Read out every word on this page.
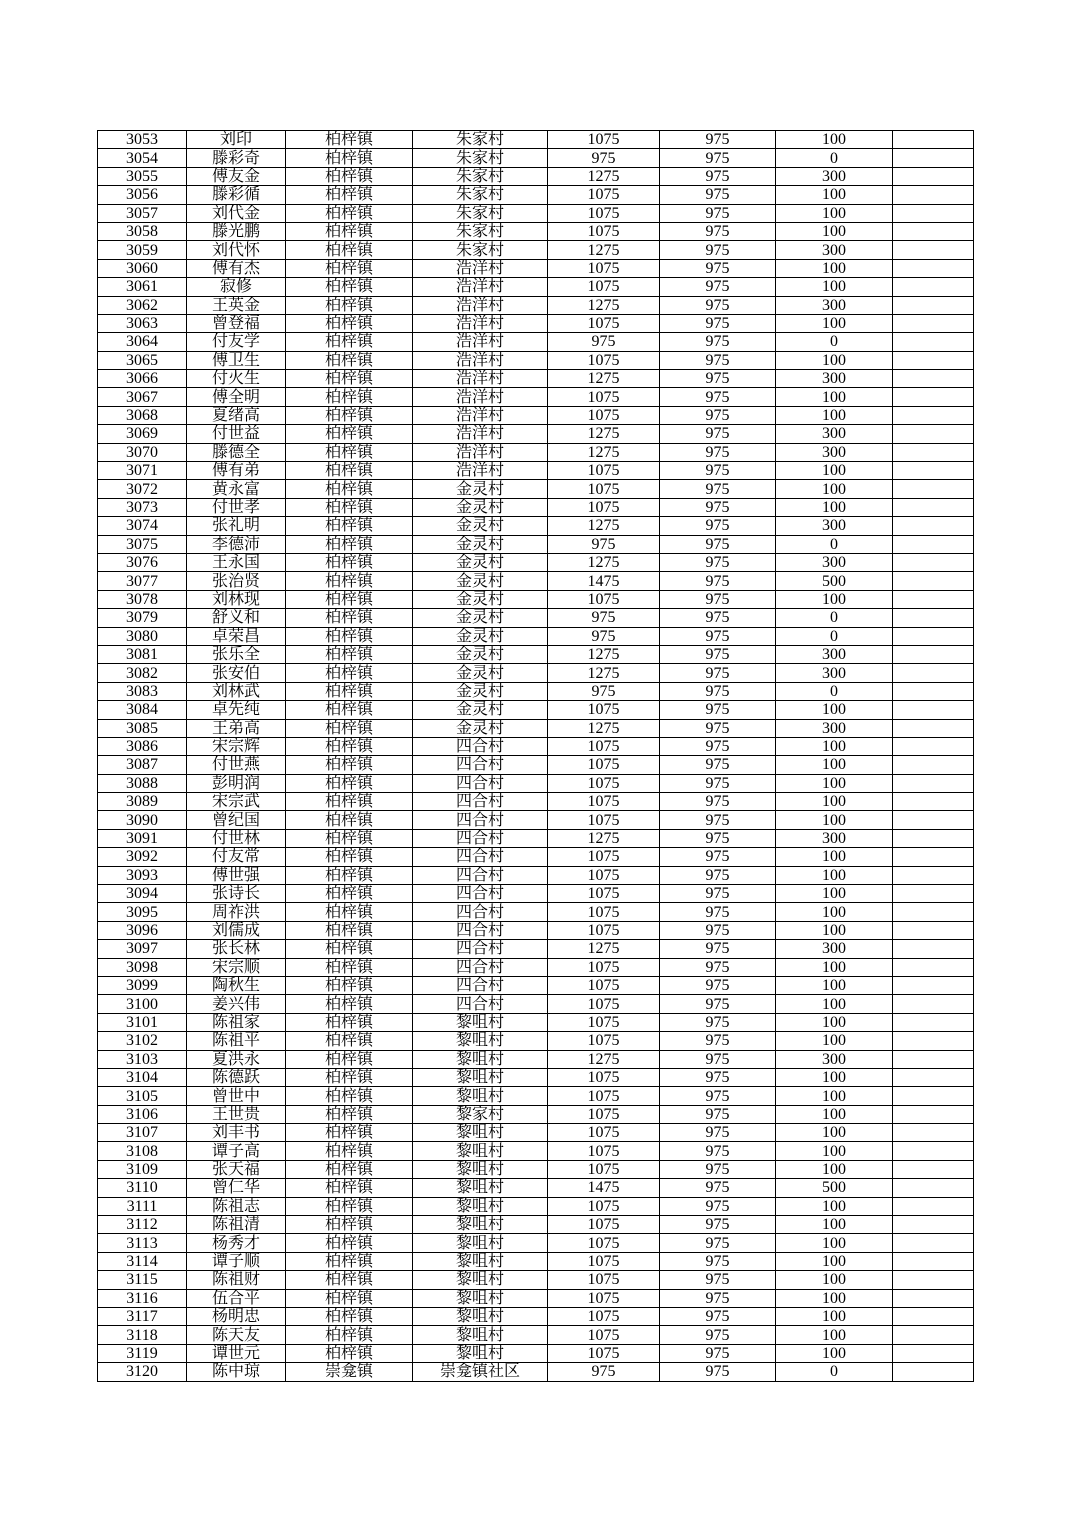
3053	刘印	柏梓镇	朱家村	1075	975	100	
3054	滕彩奇	柏梓镇	朱家村	975	975	0	
3055	傅友金	柏梓镇	朱家村	1275	975	300	
3056	滕彩循	柏梓镇	朱家村	1075	975	100	
3057	刘代金	柏梓镇	朱家村	1075	975	100	
3058	滕光鹏	柏梓镇	朱家村	1075	975	100	
3059	刘代怀	柏梓镇	朱家村	1275	975	300	
3060	傅有杰	柏梓镇	浩洋村	1075	975	100	
3061	寂修	柏梓镇	浩洋村	1075	975	100	
3062	王英金	柏梓镇	浩洋村	1275	975	300	
3063	曾登福	柏梓镇	浩洋村	1075	975	100	
3064	付友学	柏梓镇	浩洋村	975	975	0	
3065	傅卫生	柏梓镇	浩洋村	1075	975	100	
3066	付火生	柏梓镇	浩洋村	1275	975	300	
3067	傅全明	柏梓镇	浩洋村	1075	975	100	
3068	夏绪高	柏梓镇	浩洋村	1075	975	100	
3069	付世益	柏梓镇	浩洋村	1275	975	300	
3070	滕德全	柏梓镇	浩洋村	1275	975	300	
3071	傅有弟	柏梓镇	浩洋村	1075	975	100	
3072	黄永富	柏梓镇	金灵村	1075	975	100	
3073	付世孝	柏梓镇	金灵村	1075	975	100	
3074	张礼明	柏梓镇	金灵村	1275	975	300	
3075	李德沛	柏梓镇	金灵村	975	975	0	
3076	王永国	柏梓镇	金灵村	1275	975	300	
3077	张治贤	柏梓镇	金灵村	1475	975	500	
3078	刘林现	柏梓镇	金灵村	1075	975	100	
3079	舒义和	柏梓镇	金灵村	975	975	0	
3080	卓荣昌	柏梓镇	金灵村	975	975	0	
3081	张乐全	柏梓镇	金灵村	1275	975	300	
3082	张安伯	柏梓镇	金灵村	1275	975	300	
3083	刘林武	柏梓镇	金灵村	975	975	0	
3084	卓先纯	柏梓镇	金灵村	1075	975	100	
3085	王弟高	柏梓镇	金灵村	1275	975	300	
3086	宋宗辉	柏梓镇	四合村	1075	975	100	
3087	付世燕	柏梓镇	四合村	1075	975	100	
3088	彭明润	柏梓镇	四合村	1075	975	100	
3089	宋宗武	柏梓镇	四合村	1075	975	100	
3090	曾纪国	柏梓镇	四合村	1075	975	100	
3091	付世林	柏梓镇	四合村	1275	975	300	
3092	付友常	柏梓镇	四合村	1075	975	100	
3093	傅世强	柏梓镇	四合村	1075	975	100	
3094	张诗长	柏梓镇	四合村	1075	975	100	
3095	周祚洪	柏梓镇	四合村	1075	975	100	
3096	刘儒成	柏梓镇	四合村	1075	975	100	
3097	张长林	柏梓镇	四合村	1275	975	300	
3098	宋宗顺	柏梓镇	四合村	1075	975	100	
3099	陶秋生	柏梓镇	四合村	1075	975	100	
3100	姜兴伟	柏梓镇	四合村	1075	975	100	
3101	陈祖家	柏梓镇	黎咀村	1075	975	100	
3102	陈祖平	柏梓镇	黎咀村	1075	975	100	
3103	夏洪永	柏梓镇	黎咀村	1275	975	300	
3104	陈德跃	柏梓镇	黎咀村	1075	975	100	
3105	曾世中	柏梓镇	黎咀村	1075	975	100	
3106	王世贵	柏梓镇	黎家村	1075	975	100	
3107	刘丰书	柏梓镇	黎咀村	1075	975	100	
3108	谭子高	柏梓镇	黎咀村	1075	975	100	
3109	张天福	柏梓镇	黎咀村	1075	975	100	
3110	曾仁华	柏梓镇	黎咀村	1475	975	500	
3111	陈祖志	柏梓镇	黎咀村	1075	975	100	
3112	陈祖清	柏梓镇	黎咀村	1075	975	100	
3113	杨秀才	柏梓镇	黎咀村	1075	975	100	
3114	谭子顺	柏梓镇	黎咀村	1075	975	100	
3115	陈祖财	柏梓镇	黎咀村	1075	975	100	
3116	伍合平	柏梓镇	黎咀村	1075	975	100	
3117	杨明忠	柏梓镇	黎咀村	1075	975	100	
3118	陈天友	柏梓镇	黎咀村	1075	975	100	
3119	谭世元	柏梓镇	黎咀村	1075	975	100	
3120	陈中琼	崇龛镇	崇龛镇社区	975	975	0	
